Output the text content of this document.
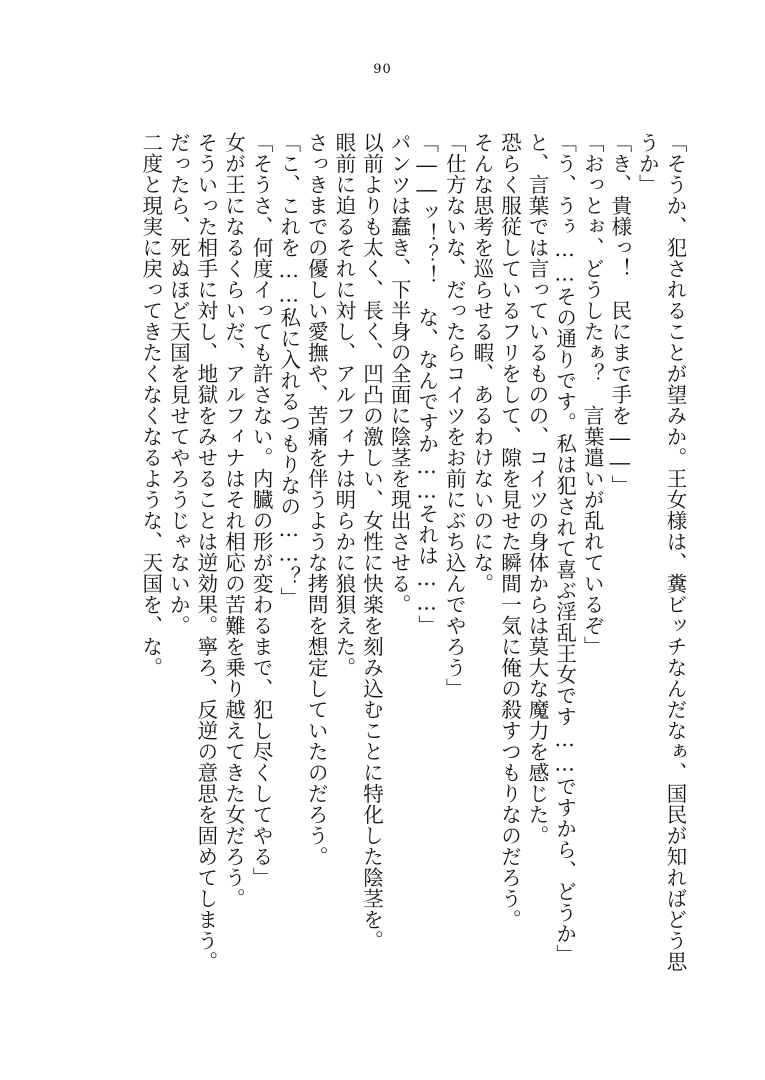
90
「そうか、犯されることが望みか。王女様は、糞ビッチなんだなぁ、国民が知ればどう思
うか」
「き、貴様っ！　民にまで手を――」
「おっとぉ、どうしたぁ？　言葉遣いが乱れているぞ」
「う、うぅ……その通りです。私は犯されて喜ぶ淫乱王女です……ですから、どうか」
と、言葉では言っているものの、コイツの身体からは莫大な魔力を感じた。
恐らく服従しているフリをして、隙を見せた瞬間一気に俺の殺すつもりなのだろう。
そんな思考を巡らせる暇、あるわけないのにな。
「仕方ないな、だったらコイツをお前にぶち込んでやろう」
「――ッ！？！　な、なんですか……それは……」
パンツは蠢き、下半身の全面に陰茎を現出させる。
以前よりも太く、長く、凹凸の激しい、女性に快楽を刻み込むことに特化した陰茎を。
眼前に迫るそれに対し、アルフィナは明らかに狼狽えた。
さっきまでの優しい愛撫や、苦痛を伴うような拷問を想定していたのだろう。
「こ、これを……私に入れるつもりなの……？」
「そうさ、何度イっても許さない。内臓の形が変わるまで、犯し尽くしてやる」
女が王になるくらいだ、アルフィナはそれ相応の苦難を乗り越えてきた女だろう。
そういった相手に対し、地獄をみせることは逆効果。寧ろ、反逆の意思を固めてしまう。
だったら、死ぬほど天国を見せてやろうじゃないか。
二度と現実に戻ってきたくなくなるような、天国を、な。
